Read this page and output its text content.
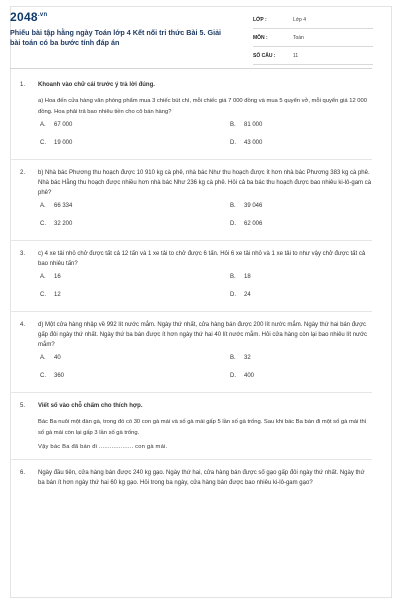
$2048^{.vn}$
Phiếu bài tập hằng ngày Toán lớp 4 Kết nối tri thức Bài 5. Giải bài toán có ba bước tính đáp án
LỚP :	Lớp 4
MÔN :	Toán
SỐ CÂU :	11
1. Khoanh vào chữ cái trước ý trả lời đúng.
a) Hoa đến cửa hàng văn phòng phẩm mua 3 chiếc bút chì, mỗi chiếc giá 7 000 đồng và mua 5 quyển vở, mỗi quyển giá 12 000 đồng. Hoa phải trả bao nhiêu tiền cho cô bán hàng?
A. 67 000	B. 81 000
C. 19 000	D. 43 000
2. b) Nhà bác Phương thu hoạch được 10 910 kg cà phê, nhà bác Như thu hoạch được ít hơn nhà bác Phương 383 kg cà phê. Nhà bác Hằng thu hoạch được nhiều hơn nhà bác Như 236 kg cà phê. Hỏi cả ba bác thu hoạch được bao nhiêu ki-lô-gam cà phê?
A. 66 334	B. 39 046
C. 32 200	D. 62 006
3. c) 4 xe tải nhỏ chở được tất cả 12 tấn và 1 xe tải to chở được 6 tấn. Hỏi 6 xe tải nhỏ và 1 xe tải to như vậy chở được tất cả bao nhiêu tấn?
A. 16	B. 18
C. 12	D. 24
4. d) Một cửa hàng nhập về 992 lít nước mắm. Ngày thứ nhất, cửa hàng bán được 200 lít nước mắm. Ngày thứ hai bán được gấp đôi ngày thứ nhất. Ngày thứ ba bán được ít hơn ngày thứ hai 40 lít nước mắm. Hỏi cửa hàng còn lại bao nhiêu lít nước mắm?
A. 40	B. 32
C. 360	D. 400
5. Viết số vào chỗ chấm cho thích hợp.
Bác Ba nuôi một đàn gà, trong đó có 30 con gà mái và số gà mái gấp 5 lần số gà trống. Sau khi bác Ba bán đi một số gà mái thì số gà mái còn lại gấp 3 lần số gà trống.
Vậy bác Ba đã bán đi ................... con gà mái.
6. Ngày đầu tiên, cửa hàng bán được 240 kg gạo. Ngày thứ hai, cửa hàng bán được số gạo gấp đôi ngày thứ nhất. Ngày thứ ba bán ít hơn ngày thứ hai 60 kg gạo. Hỏi trong ba ngày, cửa hàng bán được bao nhiêu ki-lô-gam gạo?
